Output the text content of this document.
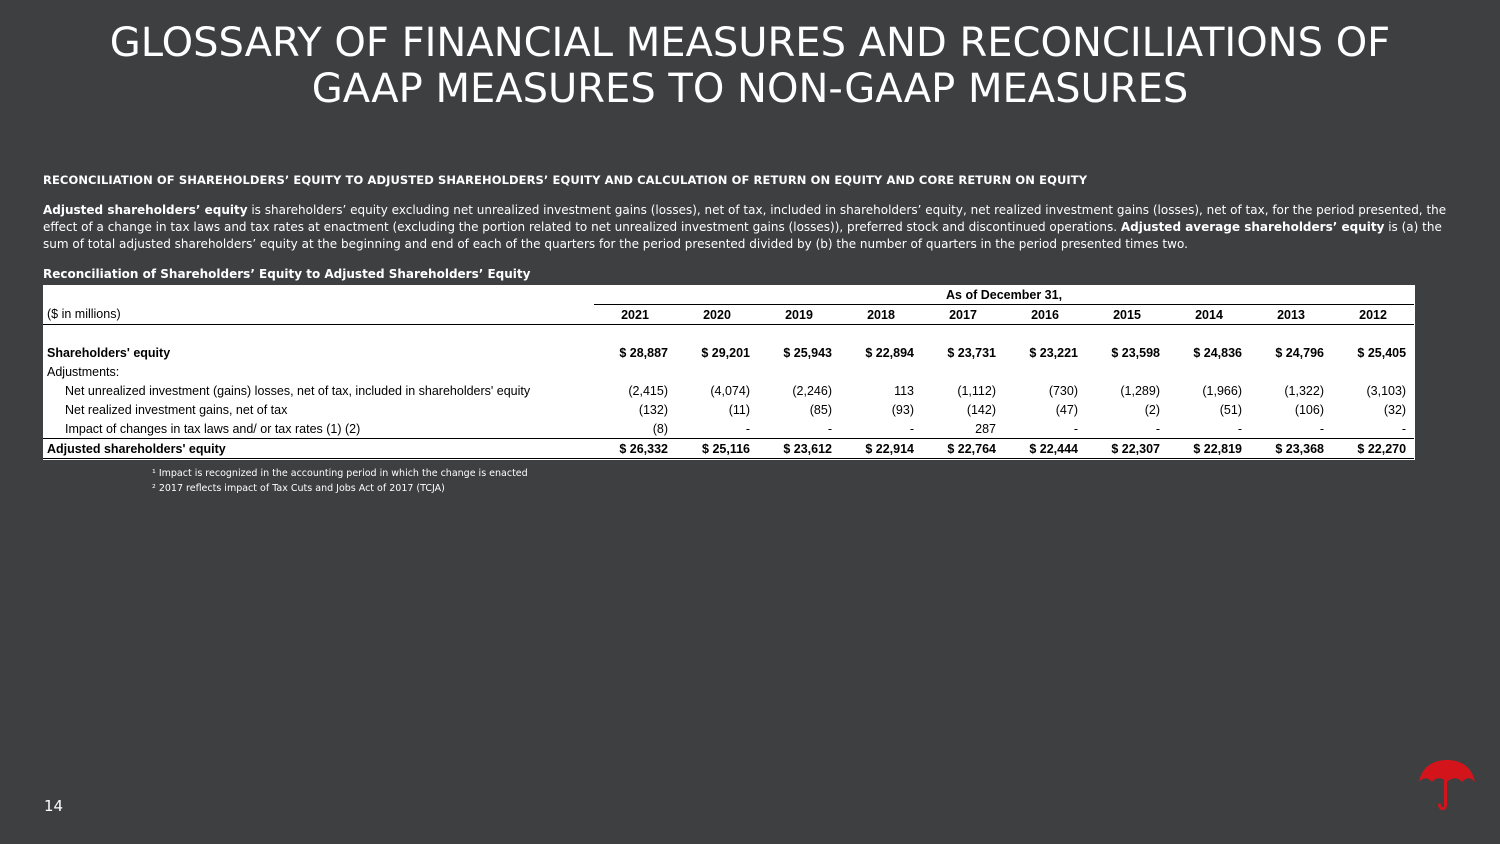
GLOSSARY OF FINANCIAL MEASURES AND RECONCILIATIONS OF
GAAP MEASURES TO NON-GAAP MEASURES
RECONCILIATION OF SHAREHOLDERS’ EQUITY TO ADJUSTED SHAREHOLDERS’ EQUITY AND CALCULATION OF RETURN ON EQUITY AND CORE RETURN ON EQUITY
Adjusted shareholders’ equity is shareholders’ equity excluding net unrealized investment gains (losses), net of tax, included in shareholders’ equity, net realized investment gains (losses), net of tax, for the period presented, the effect of a change in tax laws and tax rates at enactment (excluding the portion related to net unrealized investment gains (losses)), preferred stock and discontinued operations. Adjusted average shareholders’ equity is (a) the sum of total adjusted shareholders’ equity at the beginning and end of each of the quarters for the period presented divided by (b) the number of quarters in the period presented times two.
Reconciliation of Shareholders’ Equity to Adjusted Shareholders’ Equity
	As of December 31,									
($ in millions)	2021	2020	2019	2018	2017	2016	2015	2014	2013	2012

Shareholders' equity	$ 28,887	$ 29,201	$ 25,943	$ 22,894	$ 23,731	$ 23,221	$ 23,598	$ 24,836	$ 24,796	$ 25,405
Adjustments:										
Net unrealized investment (gains) losses, net of tax, included in shareholders' equity	(2,415)	(4,074)	(2,246)	113	(1,112)	(730)	(1,289)	(1,966)	(1,322)	(3,103)
Net realized investment gains, net of tax	(132)	(11)	(85)	(93)	(142)	(47)	(2)	(51)	(106)	(32)
Impact of changes in tax laws and/ or tax rates (1) (2)	(8)	-	-	-	287	-	-	-	-	-
Adjusted shareholders' equity	$ 26,332	$ 25,116	$ 23,612	$ 22,914	$ 22,764	$ 22,444	$ 22,307	$ 22,819	$ 23,368	$ 22,270
¹ Impact is recognized in the accounting period in which the change is enacted
² 2017 reflects impact of Tax Cuts and Jobs Act of 2017 (TCJA)
14
